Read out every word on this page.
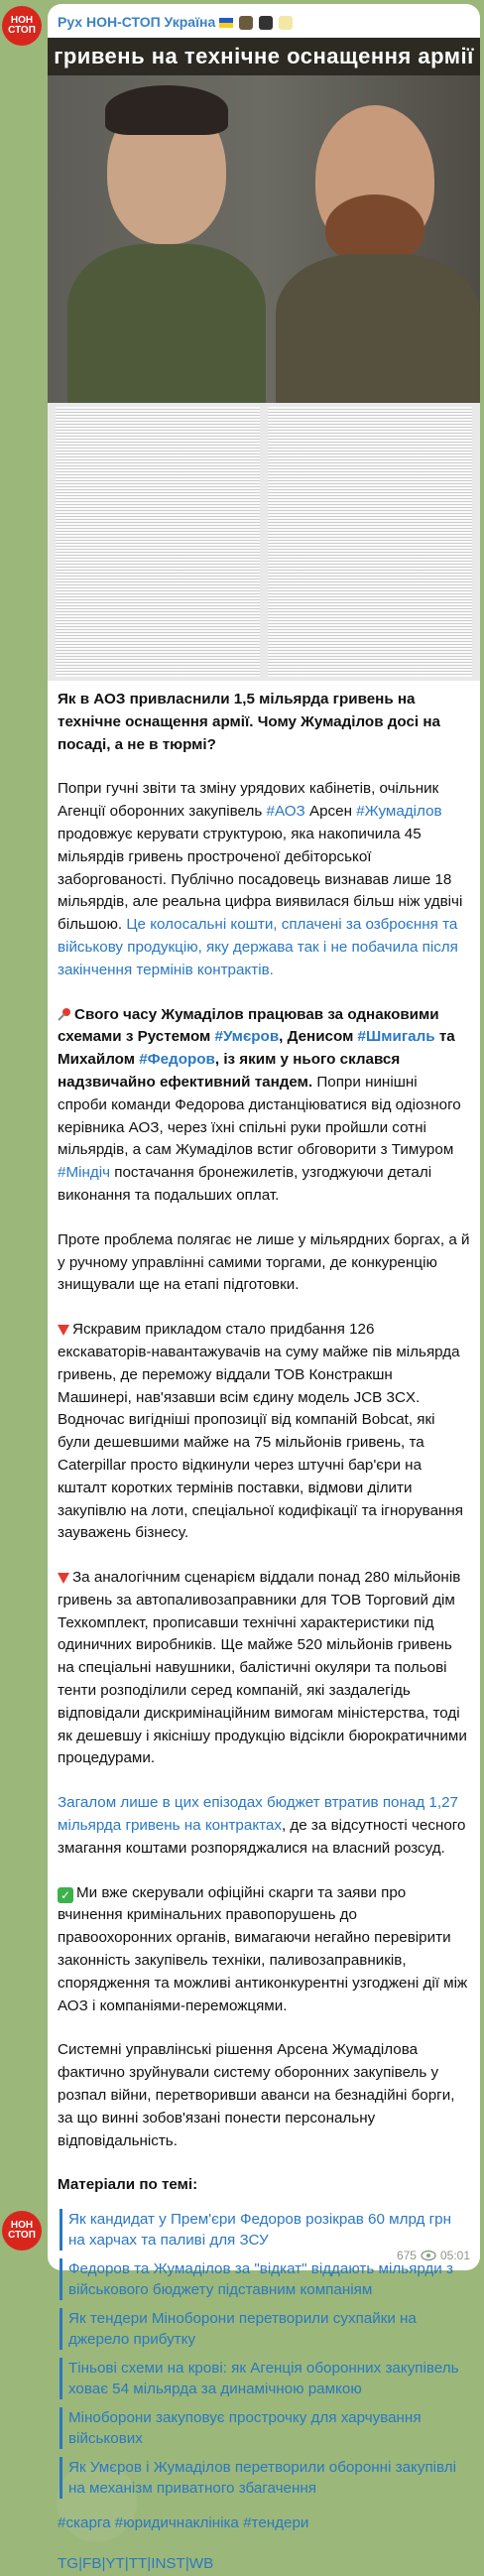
НОН
СТОП
Рух НОН-СТОП Україна
гривень на технічне оснащення армії

Як в АОЗ привласнили 1,5 мільярда гривень на технічне оснащення армії. Чому Жумаділов досі на посаді, а не в тюрмі?

Попри гучні звіти та зміну урядових кабінетів, очільник Агенції оборонних закупівель #АОЗ Арсен #Жумаділов продовжує керувати структурою, яка накопичила 45 мільярдів гривень простроченої дебіторської заборгованості. Публічно посадовець визнавав лише 18 мільярдів, але реальна цифра виявилася більш ніж удвічі більшою. Це колосальні кошти, сплачені за озброєння та військову продукцію, яку держава так і не побачила після закінчення термінів контрактів.

Свого часу Жумаділов працював за однаковими схемами з Рустемом #Умєров, Денисом #Шмигаль та Михайлом #Федоров, із яким у нього склався надзвичайно ефективний тандем. Попри нинішні спроби команди Федорова дистанціюватися від одіозного керівника АОЗ, через їхні спільні руки пройшли сотні мільярдів, а сам Жумаділов встиг обговорити з Тимуром #Міндіч постачання бронежилетів, узгоджуючи деталі виконання та подальших оплат.

Проте проблема полягає не лише у мільярдних боргах, а й у ручному управлінні самими торгами, де конкуренцію знищували ще на етапі підготовки.

Яскравим прикладом стало придбання 126 екскаваторів-навантажувачів на суму майже пів мільярда гривень, де переможу віддали ТОВ Констракшн Машинері, нав'язавши всім єдину модель JCB 3CX. Водночас вигідніші пропозиції від компаній Bobcat, які були дешевшими майже на 75 мільйонів гривень, та Caterpillar просто відкинули через штучні бар'єри на кшталт коротких термінів поставки, відмови ділити закупівлю на лоти, спеціальної кодифікації та ігнорування зауважень бізнесу.

За аналогічним сценарієм віддали понад 280 мільйонів гривень за автопаливозаправники для ТОВ Торговий дім Техкомплект, прописавши технічні характеристики під одиничних виробників. Ще майже 520 мільйонів гривень на спеціальні навушники, балістичні окуляри та польові тенти розподілили серед компаній, які заздалегідь відповідали дискримінаційним вимогам міністерства, тоді як дешевшу і якіснішу продукцію відсікли бюрократичними процедурами.

Загалом лише в цих епізодах бюджет втратив понад 1,27 мільярда гривень на контрактах, де за відсутності чесного змагання коштами розпоряджалися на власний розсуд.

✓ Ми вже скерували офіційні скарги та заяви про вчинення кримінальних правопорушень до правоохоронних органів, вимагаючи негайно перевірити законність закупівель техніки, паливозаправників, спорядження та можливі антиконкурентні узгоджені дії між АОЗ і компаніями-переможцями.

Системні управлінські рішення Арсена Жумаділова фактично зруйнували систему оборонних закупівель у розпал війни, перетворивши аванси на безнадійні борги, за що винні зобов'язані понести персональну відповідальність.

Матеріали по темі:
Як кандидат у Прем'єри Федоров розікрав 60 млрд грн на харчах та паливі для ЗСУ
Федоров та Жумаділов за "відкат" віддають мільярди з військового бюджету підставним компаніям
Як тендери Міноборони перетворили сухпайки на джерело прибутку
Тіньові схеми на крові: як Агенція оборонних закупівель ховає 54 мільярда за динамічною рамкою
Міноборони закуповує прострочку для харчування військових
Як Умєров і Жумаділов перетворили оборонні закупівлі на механізм приватного збагачення
#скарга #юридичнаклініка #тендери
TG|FB|YT|TT|INST|WB
675 05:01
НОН
СТОП
